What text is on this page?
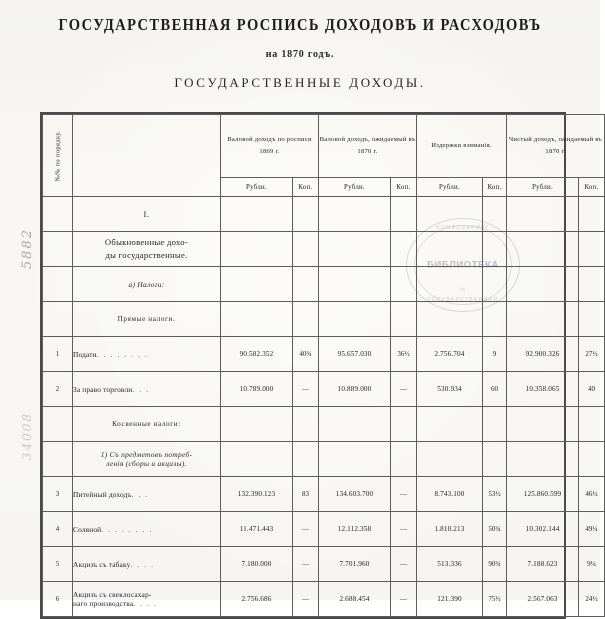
ГОСУДАРСТВЕННАЯ РОСПИСЬ ДОХОДОВЪ И РАСХОДОВЪ
на 1870 годъ.
ГОСУДАРСТВЕННЫЕ ДОХОДЫ.
№№ по порядку.		Валовой доходъ по росписи 1869 г.		Валовой доходъ, ожидаемый въ 1870 г.		Издержки взиманiя.		Чистый доходъ, ожидаемый въ 1870 г.	
		Рубли.	Коп.	Рубли.	Коп.	Рубли.	Коп.	Рубли.	Коп.
	I.								

	Обыкновенные дохо-
ды государственные.								

	а) Налоги:								
	Прямые налоги.								
1	Подати. . . . . . . .	90.582.352	40¾	95.657.030	36½	2.756.704	9	92.900.326	27½
2	За право торговли. . .	10.789.000	—	10.889.000	—	530.934	60	10.358.065	40
	Косвенные налоги:								

	1) Съ предметовъ потреб-
ленiя (сборы и акцизы).								

3	Питейный доходъ. . .	132.390.123	83	134.603.700	—	8.743.100	53½	125.860.599	46½
4	Соляной. . . . . . . .	11.471.443	—	12.112.358	—	1.810.213	50¾	10.302.144	49¼
5	Акцизъ съ табаку. . . .	7.180.000	—	7.701.960	—	513.336	90¾	7.188.623	9¼
6	Акцизъ съ свеклосахар-
наго производства. . . .	2.756.686	—	2.688.454	—	121.390	75½	2.567.063	24½
5882
34008
КОМИССАРИАТ
БИБЛИОТЕКА
№
ГОСУДАРСТВЕННАЯ
